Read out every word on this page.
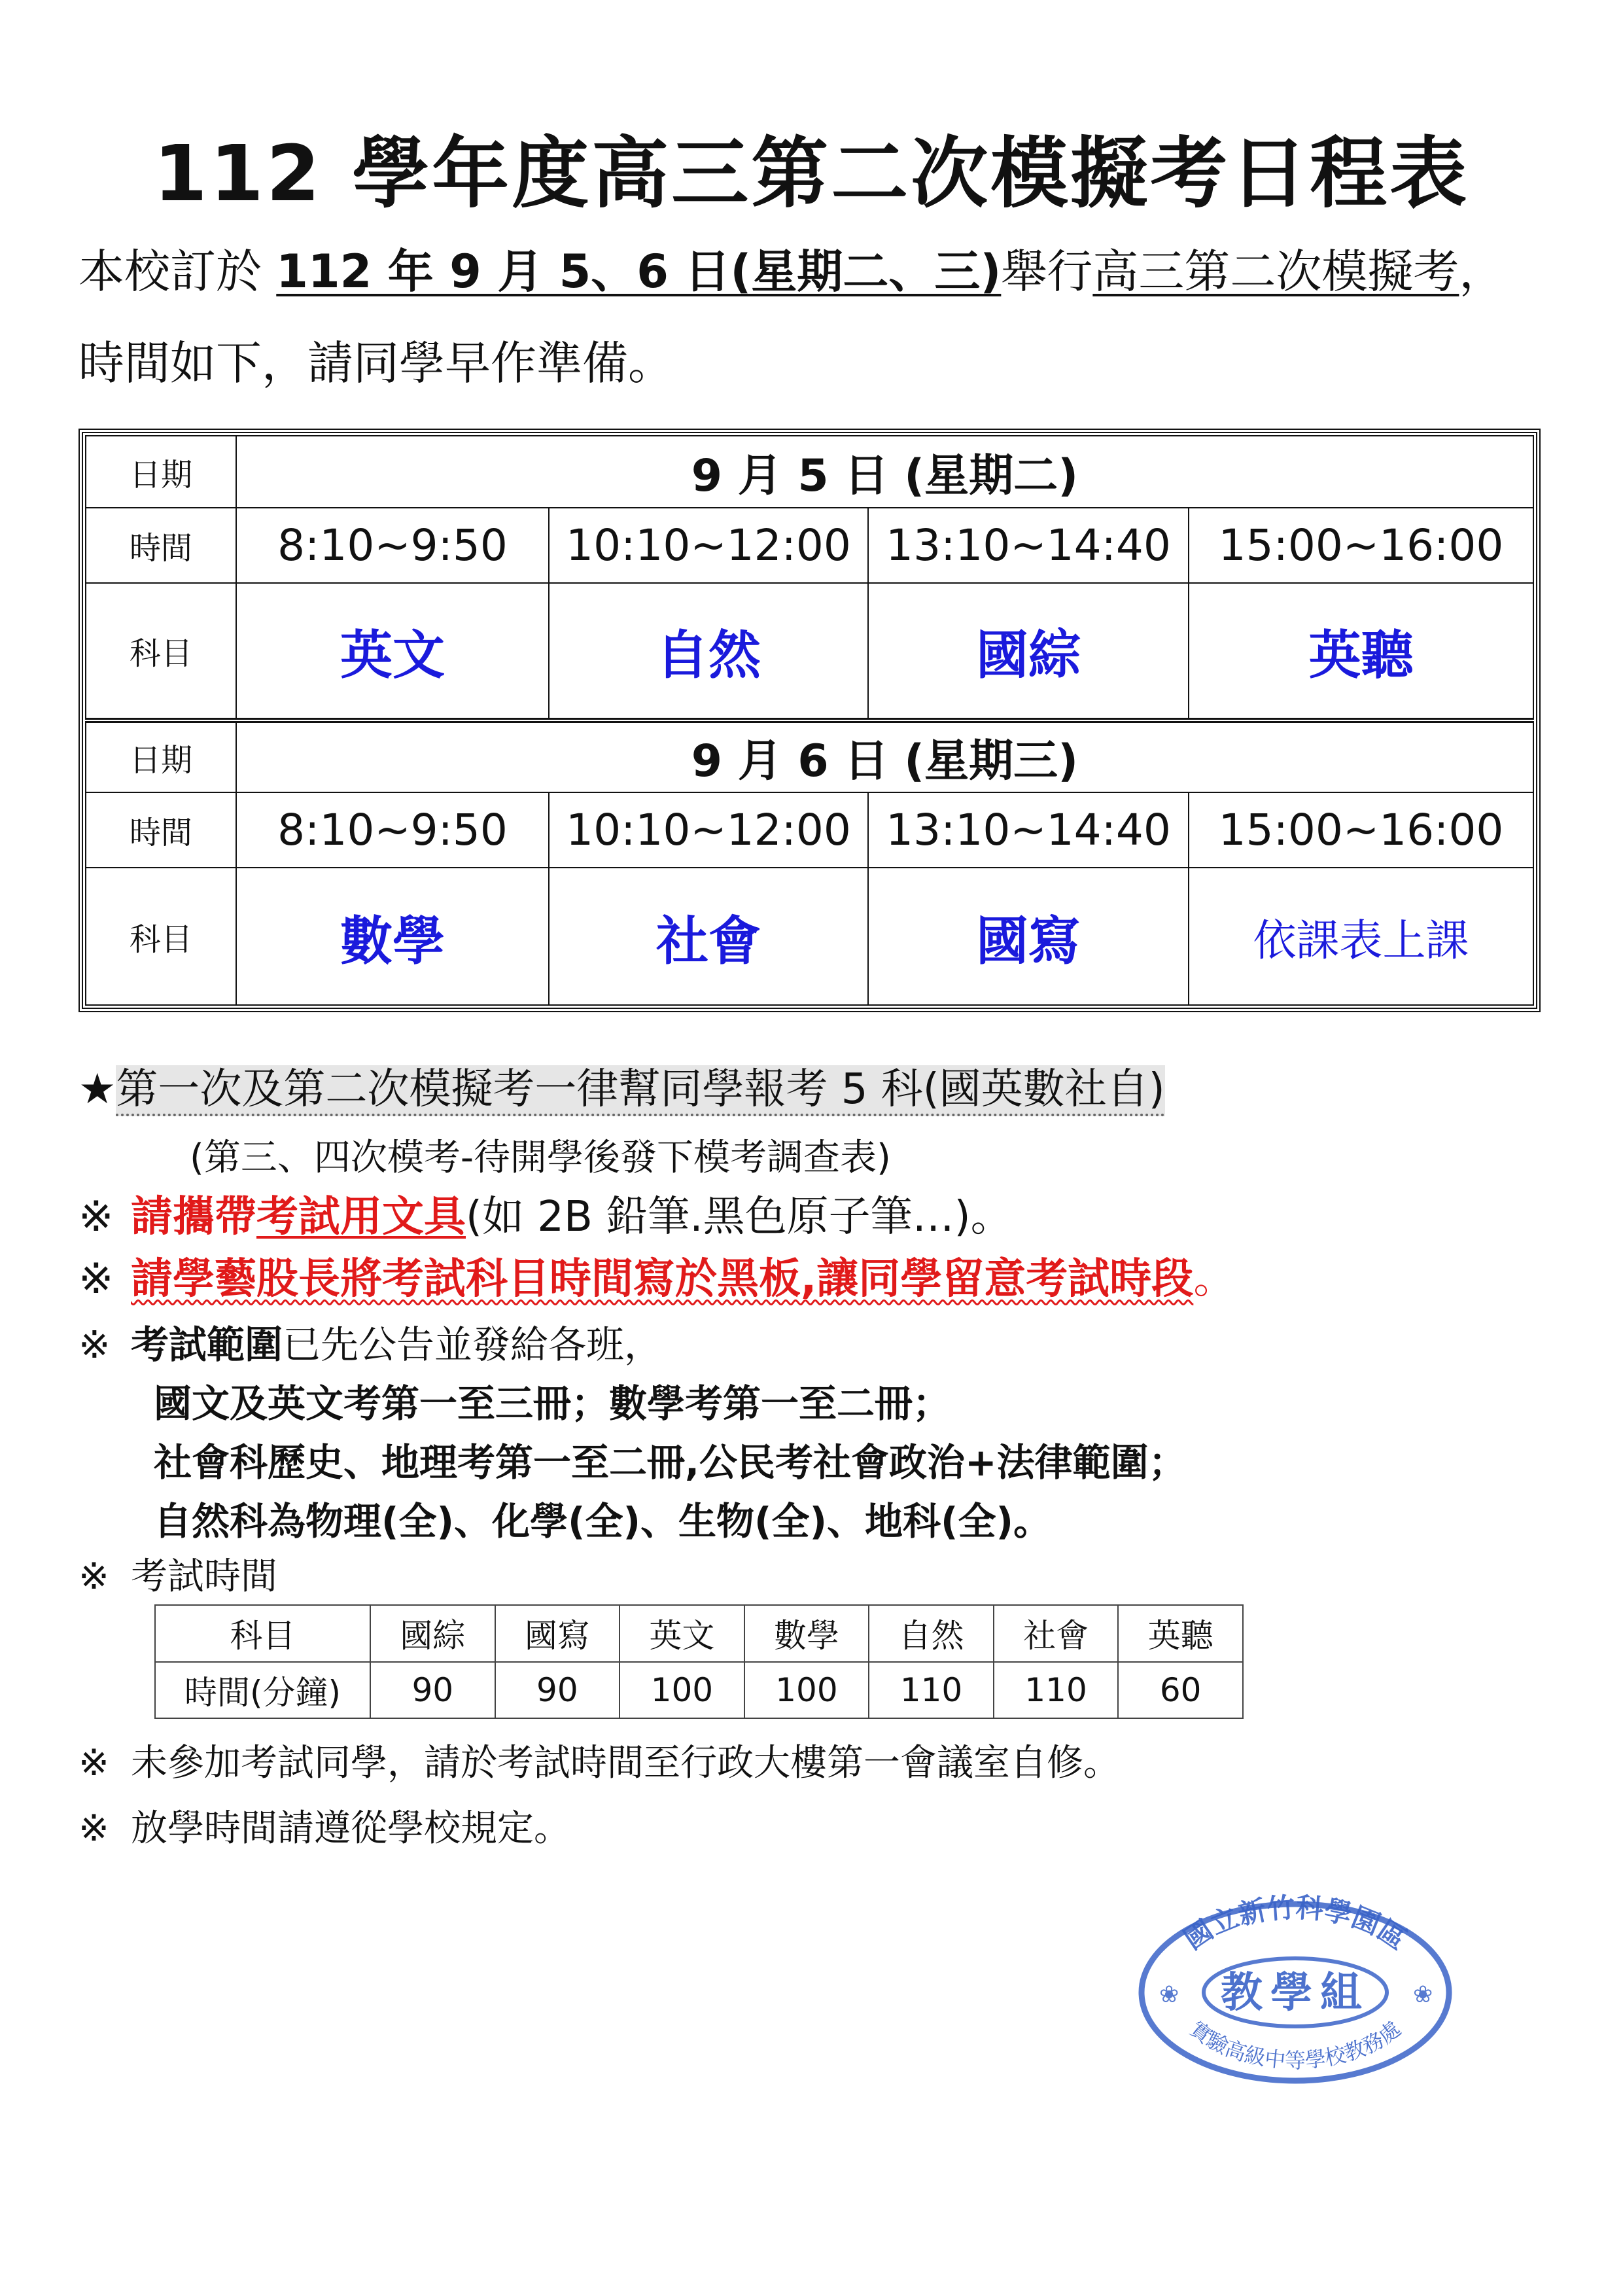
112 學年度高三第二次模擬考日程表
本校訂於 112 年 9 月 5、6 日(星期二、三)舉行高三第二次模擬考，
時間如下，請同學早作準備。
日期	9 月 5 日 (星期二)			
時間	8:10~9:50	10:10~12:00	13:10~14:40	15:00~16:00
科目	英文	自然	國綜	英聽
日期	9 月 6 日 (星期三)			
時間	8:10~9:50	10:10~12:00	13:10~14:40	15:00~16:00
科目	數學	社會	國寫	依課表上課
★第一次及第二次模擬考一律幫同學報考 5 科(國英數社自)
(第三、四次模考-待開學後發下模考調查表)
※ 請攜帶考試用文具(如 2B 鉛筆.黑色原子筆…)。
※ 請學藝股長將考試科目時間寫於黑板,讓同學留意考試時段。
※ 考試範圍已先公告並發給各班，
國文及英文考第一至三冊；數學考第一至二冊；
社會科歷史、地理考第一至二冊,公民考社會政治+法律範圍；
自然科為物理(全)、化學(全)、生物(全)、地科(全)。
※ 考試時間
科目	國綜	國寫	英文	數學	自然	社會	英聽
時間(分鐘)	90	90	100	100	110	110	60
※ 未參加考試同學，請於考試時間至行政大樓第一會議室自修。
※ 放學時間請遵從學校規定。
國立新竹科學園區
教學組
實驗高級中等學校教務處
❀	❀
